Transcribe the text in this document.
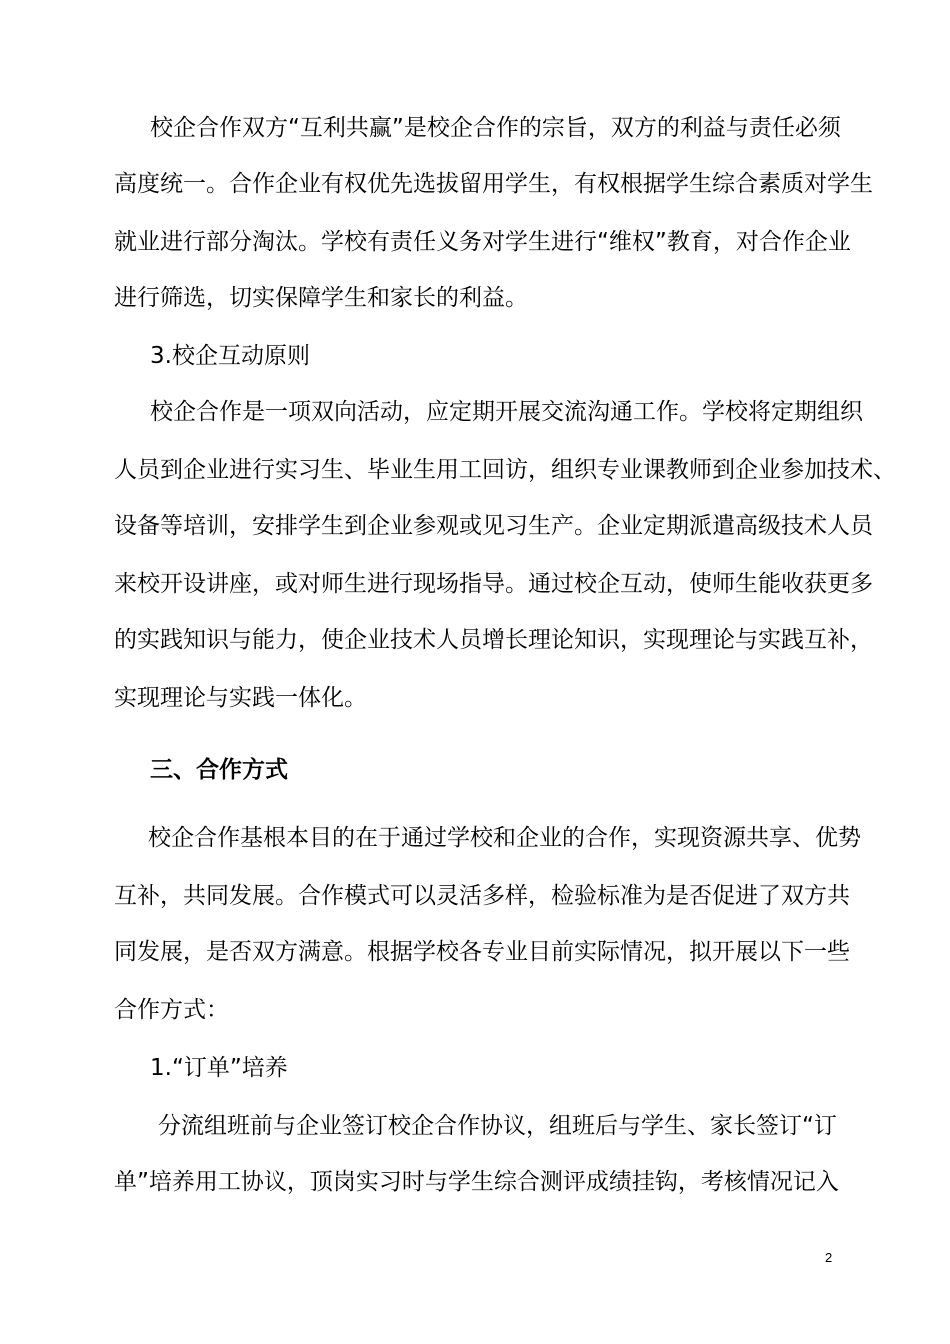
校企合作双方“互利共赢”是校企合作的宗旨，双方的利益与责任必须

高度统一。合作企业有权优先选拔留用学生，有权根据学生综合素质对学生

就业进行部分淘汰。学校有责任义务对学生进行“维权”教育，对合作企业

进行筛选，切实保障学生和家长的利益。

3.校企互动原则

校企合作是一项双向活动，应定期开展交流沟通工作。学校将定期组织

人员到企业进行实习生、毕业生用工回访，组织专业课教师到企业参加技术、

设备等培训，安排学生到企业参观或见习生产。企业定期派遣高级技术人员

来校开设讲座，或对师生进行现场指导。通过校企互动，使师生能收获更多

的实践知识与能力，使企业技术人员增长理论知识，实现理论与实践互补，

实现理论与实践一体化。

三、合作方式

校企合作基根本目的在于通过学校和企业的合作，实现资源共享、优势

互补，共同发展。合作模式可以灵活多样，检验标准为是否促进了双方共

同发展，是否双方满意。根据学校各专业目前实际情况，拟开展以下一些

合作方式：

1.“订单”培养

分流组班前与企业签订校企合作协议，组班后与学生、家长签订“订

单”培养用工协议，顶岗实习时与学生综合测评成绩挂钩，考核情况记入

2
